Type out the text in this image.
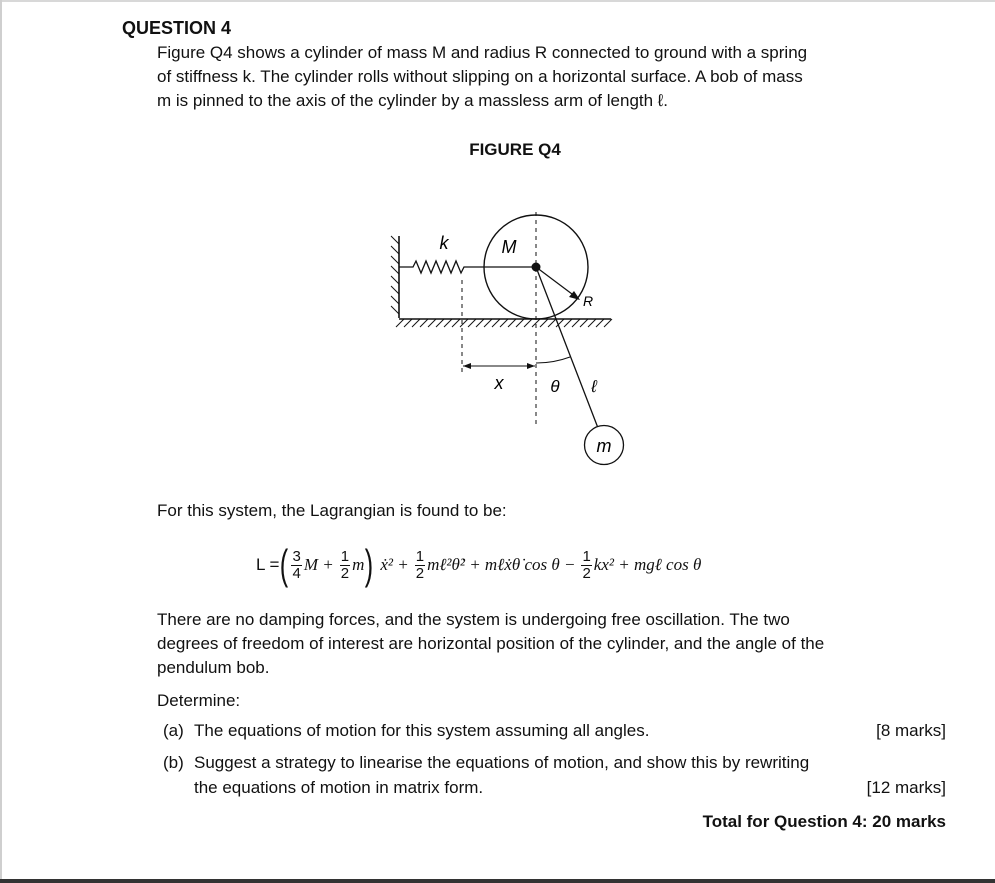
QUESTION 4
Figure Q4 shows a cylinder of mass M and radius R connected to ground with a spring
of stiffness k. The cylinder rolls without slipping on a horizontal surface. A bob of mass
m is pinned to the axis of the cylinder by a massless arm of length ℓ.
FIGURE Q4
k	M
R
x	θ ℓ
m
For this system, the Lagrangian is found to be:
L = ( $\frac{3}{4}$ $M + \frac{1}{2}$ m ) ẋ² + $\frac{1}{2}$ mℓ²θ̇² + mℓẋθ̇ $\cos \theta - \frac{1}{2} kx^2$ + mgℓ cos θ
There are no damping forces, and the system is undergoing free oscillation. The two
degrees of freedom of interest are horizontal position of the cylinder, and the angle of the
pendulum bob.
Determine:
(a) The equations of motion for this system assuming all angles.	[8 marks]
(b) Suggest a strategy to linearise the equations of motion, and show this by rewriting
the equations of motion in matrix form.	[12 marks]
Total for Question 4: 20 marks
